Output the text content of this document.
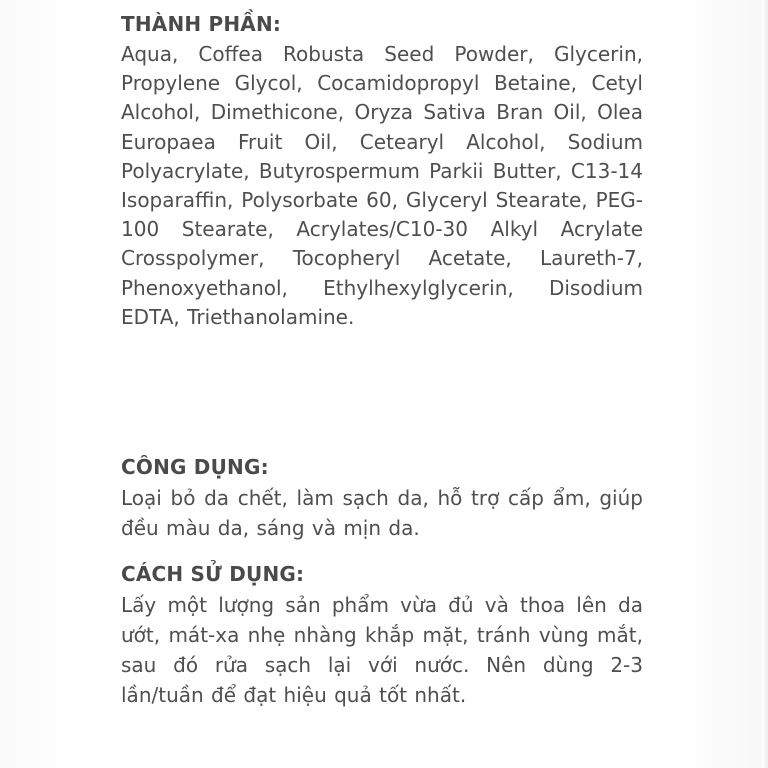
THÀNH PHẦN:
Aqua, Coffea Robusta Seed Powder, Glycerin, Propylene Glycol, Cocamidopropyl Betaine, Cetyl Alcohol, Dimethicone, Oryza Sativa Bran Oil, Olea Europaea Fruit Oil, Cetearyl Alcohol, Sodium Polyacrylate, Butyrospermum Parkii Butter, C13-14 Isoparaffin, Polysorbate 60, Glyceryl Stearate, PEG-100 Stearate, Acrylates/C10-30 Alkyl Acrylate Crosspolymer, Tocopheryl Acetate, Laureth-7, Phenoxyethanol, Ethylhexylglycerin, Disodium EDTA, Triethanolamine.
CÔNG DỤNG:
Loại bỏ da chết, làm sạch da, hỗ trợ cấp ẩm, giúp đều màu da, sáng và mịn da.
CÁCH SỬ DỤNG:
Lấy một lượng sản phẩm vừa đủ và thoa lên da ướt, mát-xa nhẹ nhàng khắp mặt, tránh vùng mắt, sau đó rửa sạch lại với nước. Nên dùng 2-3 lần/tuần để đạt hiệu quả tốt nhất.
